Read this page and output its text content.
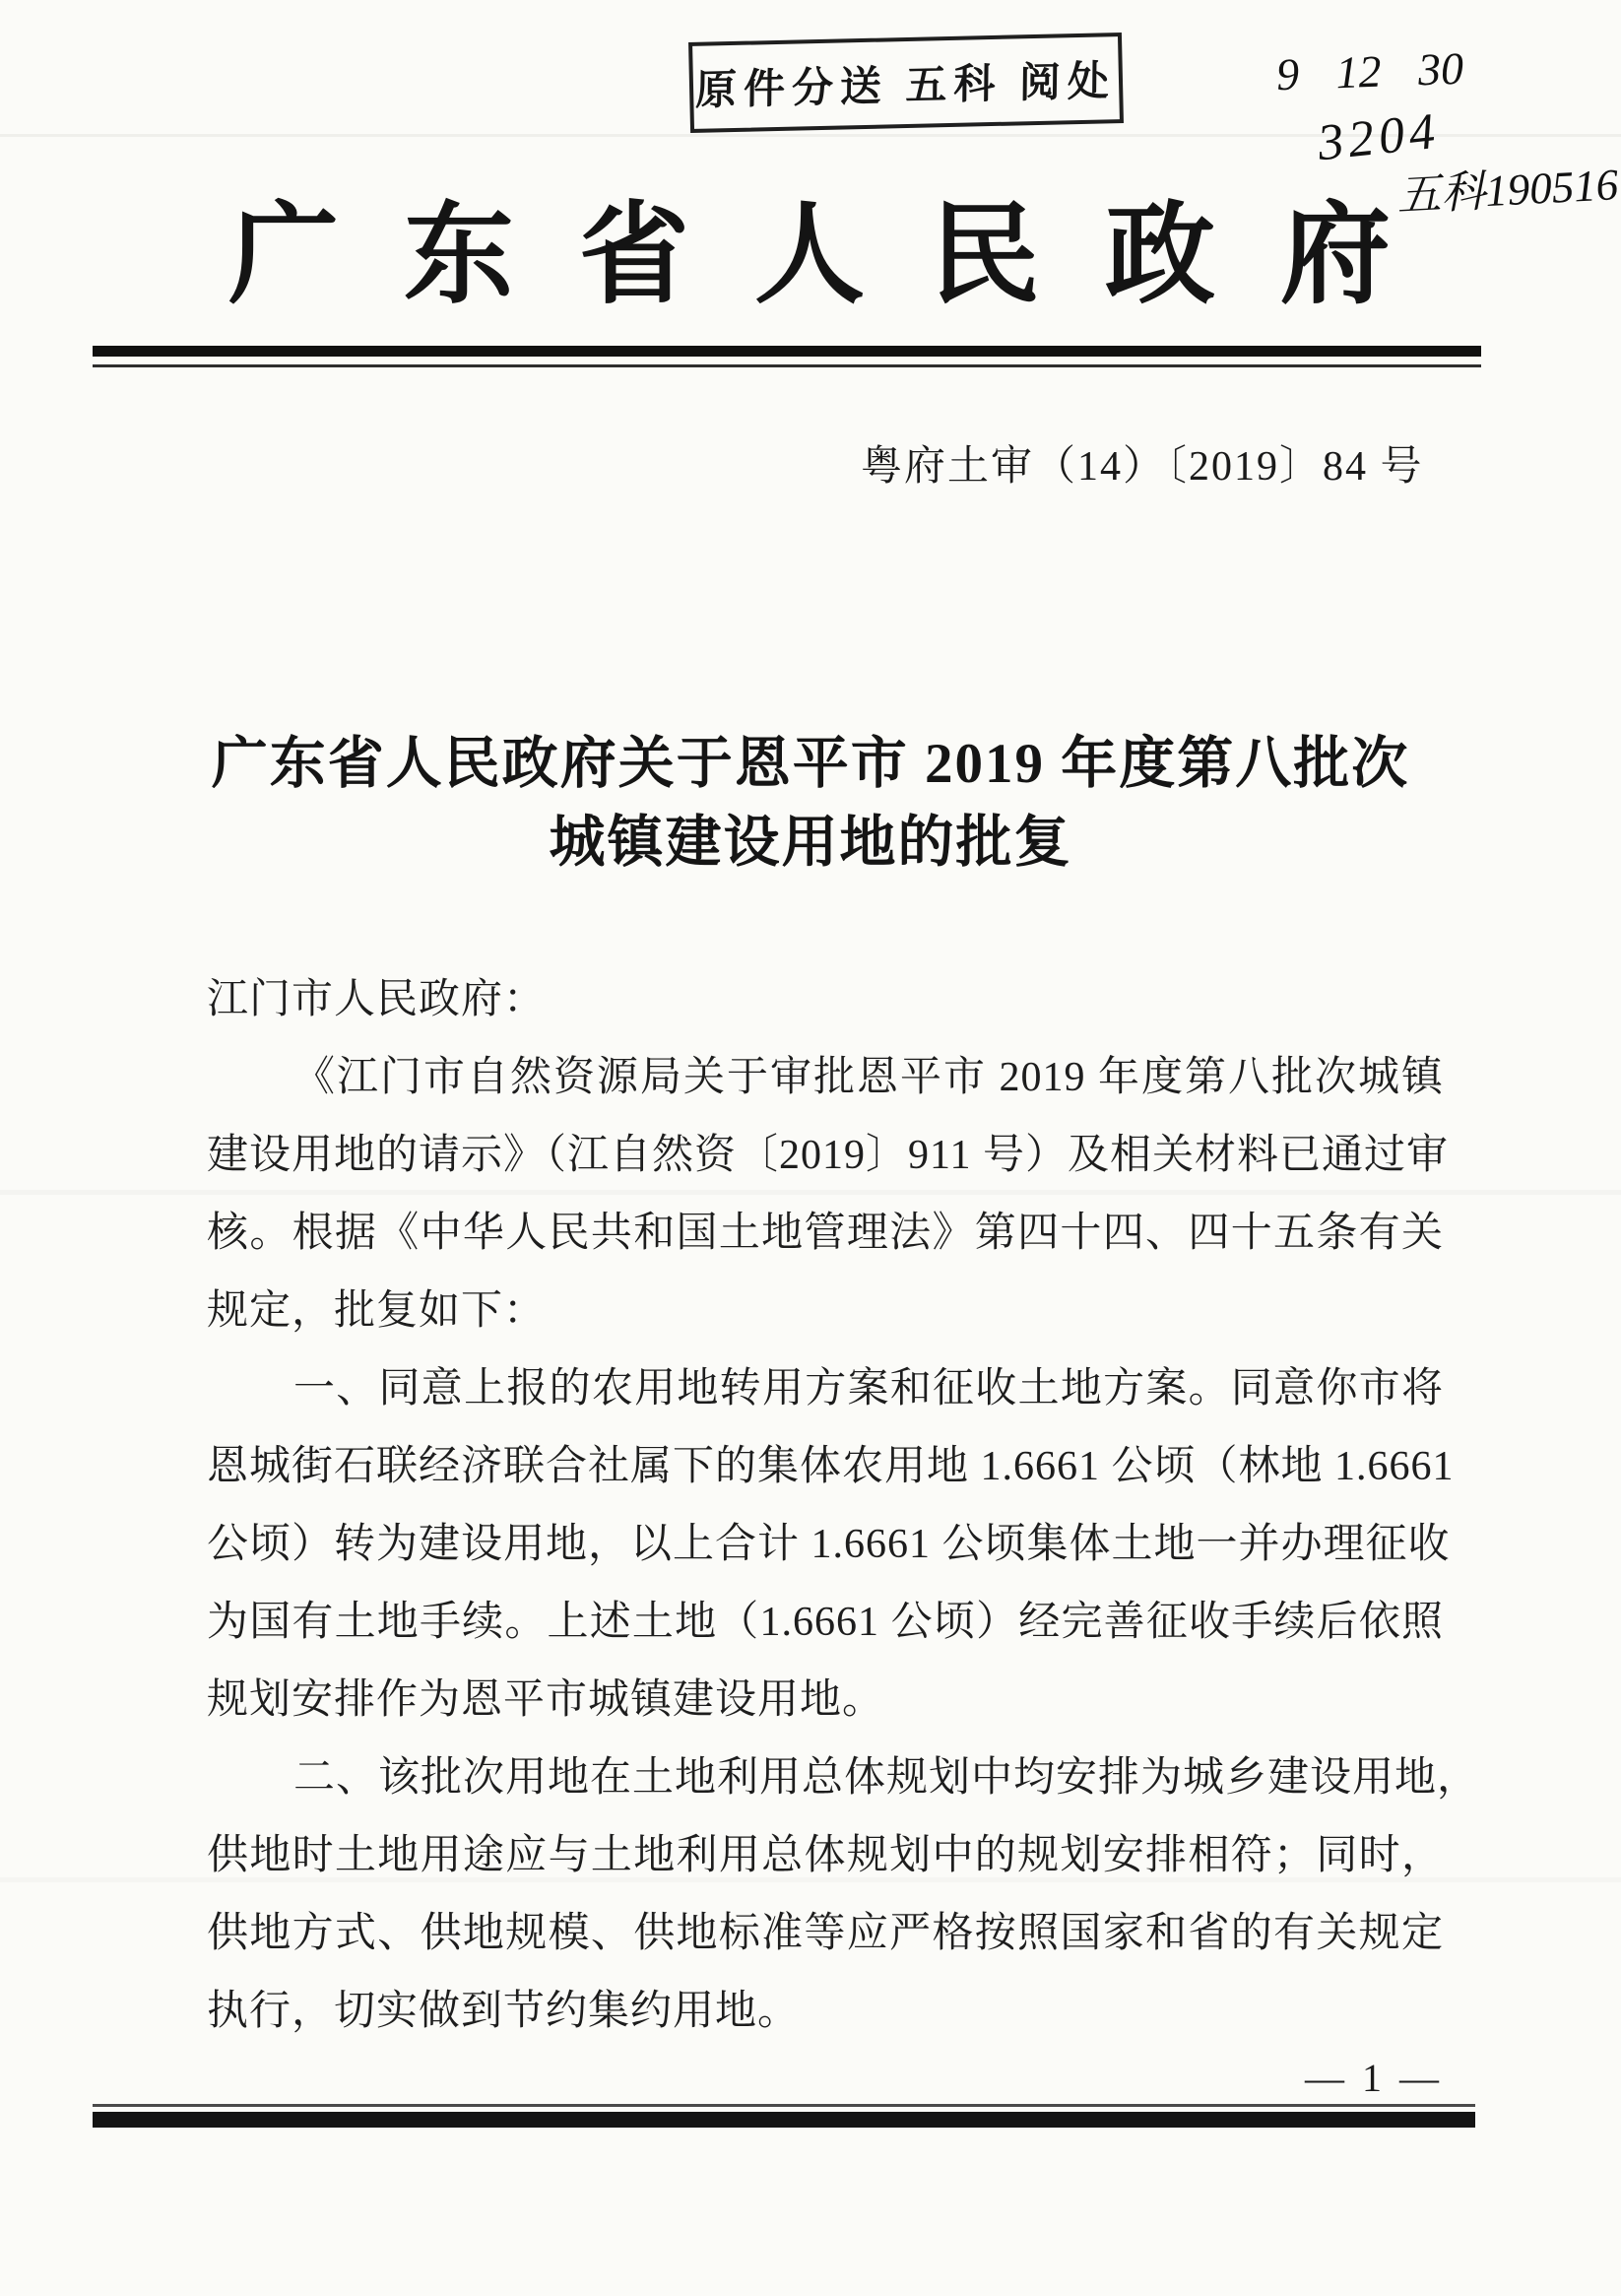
原件分送 五科 阅处	9 12 30
3204
五科190516
广东省人民政府
粤府土审（14）〔2019〕84 号
广东省人民政府关于恩平市 2019 年度第八批次
城镇建设用地的批复
江门市人民政府：
《江门市自然资源局关于审批恩平市 2019 年度第八批次城镇
建设用地的请示》（江自然资〔2019〕911 号）及相关材料已通过审
核。根据《中华人民共和国土地管理法》第四十四、四十五条有关
规定，批复如下：
一、同意上报的农用地转用方案和征收土地方案。同意你市将
恩城街石联经济联合社属下的集体农用地 1.6661 公顷（林地 1.6661
公顷）转为建设用地，以上合计 1.6661 公顷集体土地一并办理征收
为国有土地手续。上述土地（1.6661 公顷）经完善征收手续后依照
规划安排作为恩平市城镇建设用地。
二、该批次用地在土地利用总体规划中均安排为城乡建设用地，
供地时土地用途应与土地利用总体规划中的规划安排相符；同时，
供地方式、供地规模、供地标准等应严格按照国家和省的有关规定
执行，切实做到节约集约用地。
— 1 —
